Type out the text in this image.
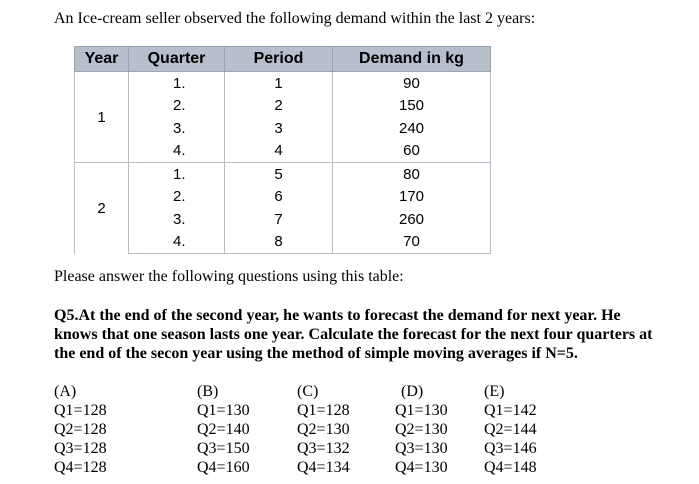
An Ice-cream seller observed the following demand within the last 2 years:
Year	Quarter	Period	Demand in kg
1	1.	1	90
	2.	2	150
	3.	3	240
	4.	4	60
2	1.	5	80
	2.	6	170
	3.	7	260
	4.	8	70
Please answer the following questions using this table:
Q5.At the end of the second year, he wants to forecast the demand for next year. He knows that one season lasts one year. Calculate the forecast for the next four quarters at the end of the secon year using the method of simple moving averages if N=5.
(A)
Q1=128
Q2=128
Q3=128
Q4=128
(B)
Q1=130
Q2=140
Q3=150
Q4=160
(C)
Q1=128
Q2=130
Q3=132
Q4=134
(D)
Q1=130
Q2=130
Q3=130
Q4=130
(E)
Q1=142
Q2=144
Q3=146
Q4=148
